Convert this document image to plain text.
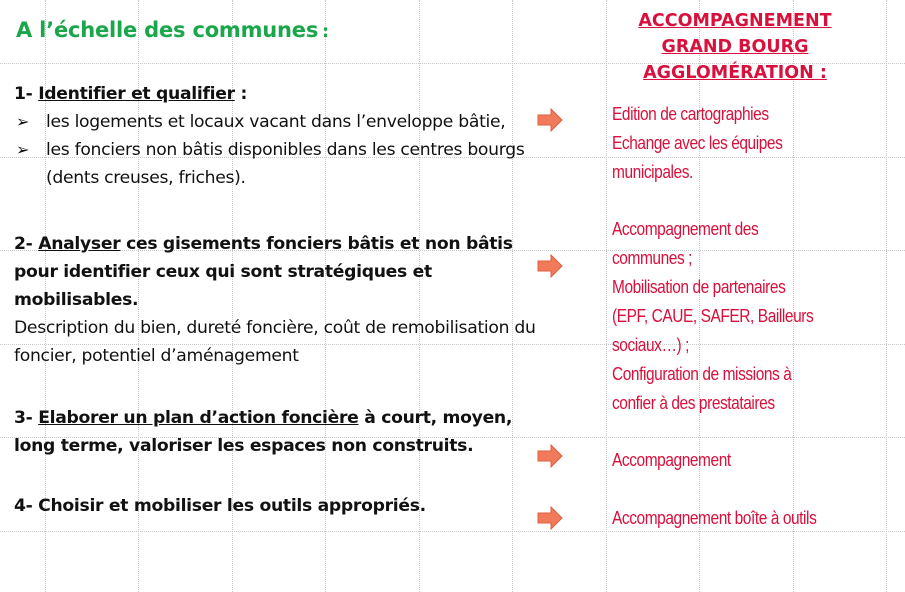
A l’échelle des communes :
1- Identifier et qualifier :
➢ les logements et locaux vacant dans l’enveloppe bâtie,
➢ les fonciers non bâtis disponibles dans les centres bourgs (dents creuses, friches).
2- Analyser ces gisements fonciers bâtis et non bâtis pour identifier ceux qui sont stratégiques et mobilisables.
Description du bien, dureté foncière, coût de remobilisation du foncier, potentiel d’aménagement
3- Elaborer un plan d’action foncière à court, moyen, long terme, valoriser les espaces non construits.
4- Choisir et mobiliser les outils appropriés.
ACCOMPAGNEMENT
GRAND BOURG
AGGLOMÉRATION :
Edition de cartographies
Echange avec les équipes
municipales.
Accompagnement des
communes ;
Mobilisation de partenaires
(EPF, CAUE, SAFER, Bailleurs
sociaux…) ;
Configuration de missions à
confier à des prestataires
Accompagnement
Accompagnement boîte à outils
